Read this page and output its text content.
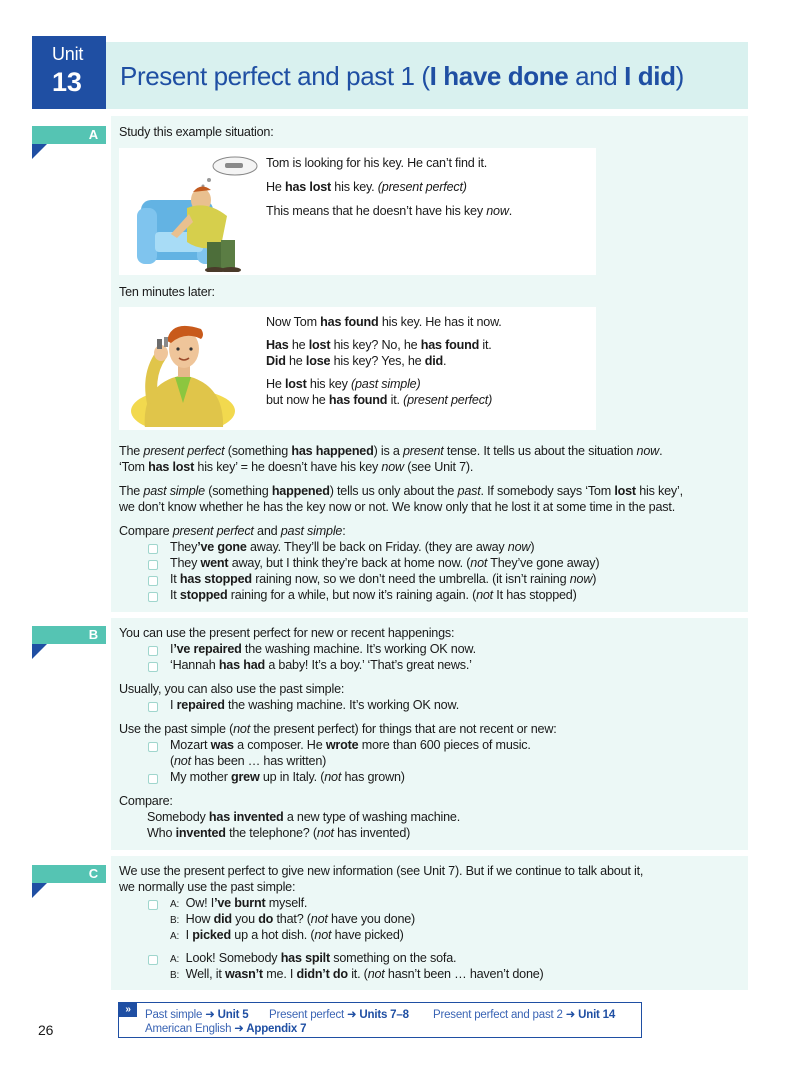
Unit
13 Present perfect and past 1 (I have done and I did)
A	Study this example situation:
Tom is looking for his key. He can’t find it.
He has lost his key. (present perfect)
This means that he doesn’t have his key now.
Ten minutes later:
Now Tom has found his key. He has it now.
Has he lost his key? No, he has found it.
Did he lose his key? Yes, he did.
He lost his key (past simple)
but now he has found it. (present perfect)
The present perfect (something has happened) is a present tense. It tells us about the situation now.
‘Tom has lost his key’ = he doesn’t have his key now (see Unit 7).
The past simple (something happened) tells us only about the past. If somebody says ‘Tom lost his key’,
we don’t know whether he has the key now or not. We know only that he lost it at some time in the past.
Compare present perfect and past simple:
They’ve gone away. They’ll be back on Friday. (they are away now)
They went away, but I think they’re back at home now. (not They’ve gone away)
It has stopped raining now, so we don’t need the umbrella. (it isn’t raining now)
It stopped raining for a while, but now it’s raining again. (not It has stopped)
B	You can use the present perfect for new or recent happenings:
I’ve repaired the washing machine. It’s working OK now.
‘Hannah has had a baby! It’s a boy.’ ‘That’s great news.’
Usually, you can also use the past simple:
I repaired the washing machine. It’s working OK now.
Use the past simple (not the present perfect) for things that are not recent or new:
Mozart was a composer. He wrote more than 600 pieces of music.
(not has been … has written)
My mother grew up in Italy. (not has grown)
Compare:
Somebody has invented a new type of washing machine.
Who invented the telephone? (not has invented)
C	We use the present perfect to give new information (see Unit 7). But if we continue to talk about it,
we normally use the past simple:
A: Ow! I’ve burnt myself.
B: How did you do that? (not have you done)
A: I picked up a hot dish. (not have picked)
A: Look! Somebody has spilt something on the sofa.
B: Well, it wasn’t me. I didn’t do it. (not hasn’t been … haven’t done)
»	Past simple ➜ Unit 5 Present perfect ➜ Units 7–8 Present perfect and past 2 ➜ Unit 14
American English ➜ Appendix 7
26
